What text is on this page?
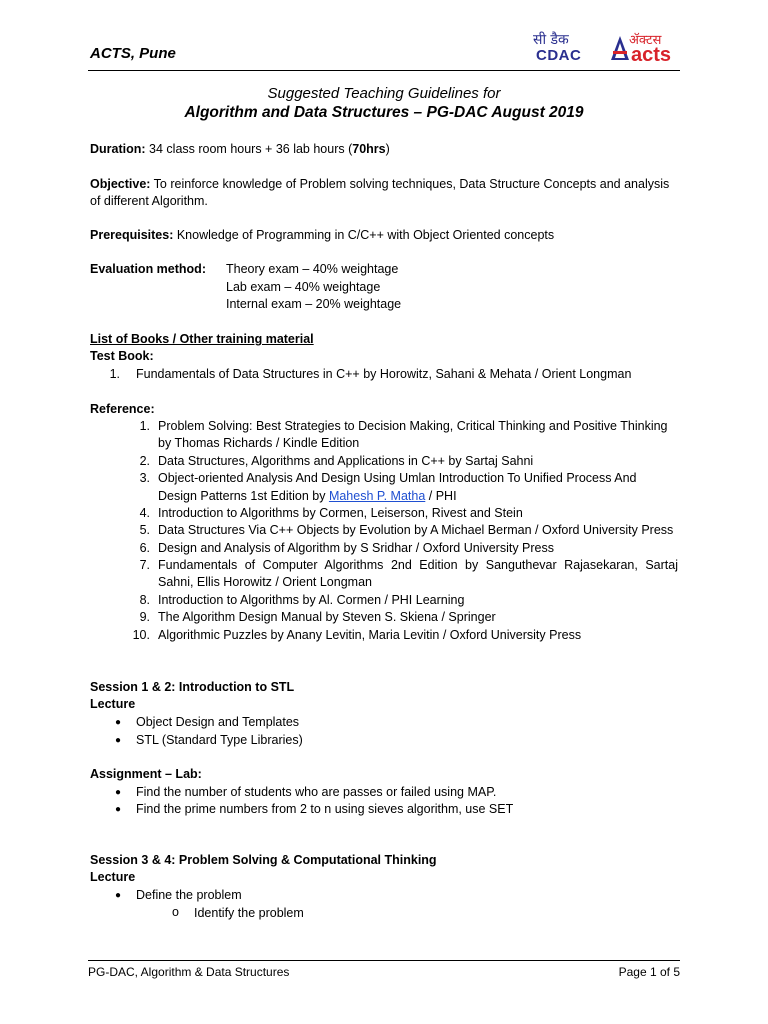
ACTS, Pune
सी डैक
CDAC
ॲक्टस
acts
Suggested Teaching Guidelines for
Algorithm and Data Structures – PG-DAC August 2019
Duration: 34 class room hours + 36 lab hours (70hrs)
Objective: To reinforce knowledge of Problem solving techniques, Data Structure Concepts and analysis
of different Algorithm.
Prerequisites: Knowledge of Programming in C/C++ with Object Oriented concepts
Evaluation method: Theory exam – 40% weightage
Lab exam – 40% weightage
Internal exam – 20% weightage
List of Books / Other training material
Test Book:
1. Fundamentals of Data Structures in C++ by Horowitz, Sahani & Mehata / Orient Longman
Reference:
1. Problem Solving: Best Strategies to Decision Making, Critical Thinking and Positive Thinking
by Thomas Richards / Kindle Edition
2. Data Structures, Algorithms and Applications in C++ by Sartaj Sahni
3. Object-oriented Analysis And Design Using Umlan Introduction To Unified Process And
Design Patterns 1st Edition by Mahesh P. Matha / PHI
4. Introduction to Algorithms by Cormen, Leiserson, Rivest and Stein
5. Data Structures Via C++ Objects by Evolution by A Michael Berman / Oxford University Press
6. Design and Analysis of Algorithm by S Sridhar / Oxford University Press
7. Fundamentals of Computer Algorithms 2nd Edition by Sanguthevar Rajasekaran, Sartaj
Sahni, Ellis Horowitz / Orient Longman
8. Introduction to Algorithms by Al. Cormen / PHI Learning
9. The Algorithm Design Manual by Steven S. Skiena / Springer
10. Algorithmic Puzzles by Anany Levitin, Maria Levitin / Oxford University Press
Session 1 & 2: Introduction to STL
Lecture
● Object Design and Templates
● STL (Standard Type Libraries)
Assignment – Lab:
● Find the number of students who are passes or failed using MAP.
● Find the prime numbers from 2 to n using sieves algorithm, use SET
Session 3 & 4: Problem Solving & Computational Thinking
Lecture
● Define the problem
o Identify the problem
PG-DAC, Algorithm & Data Structures	Page 1 of 5
